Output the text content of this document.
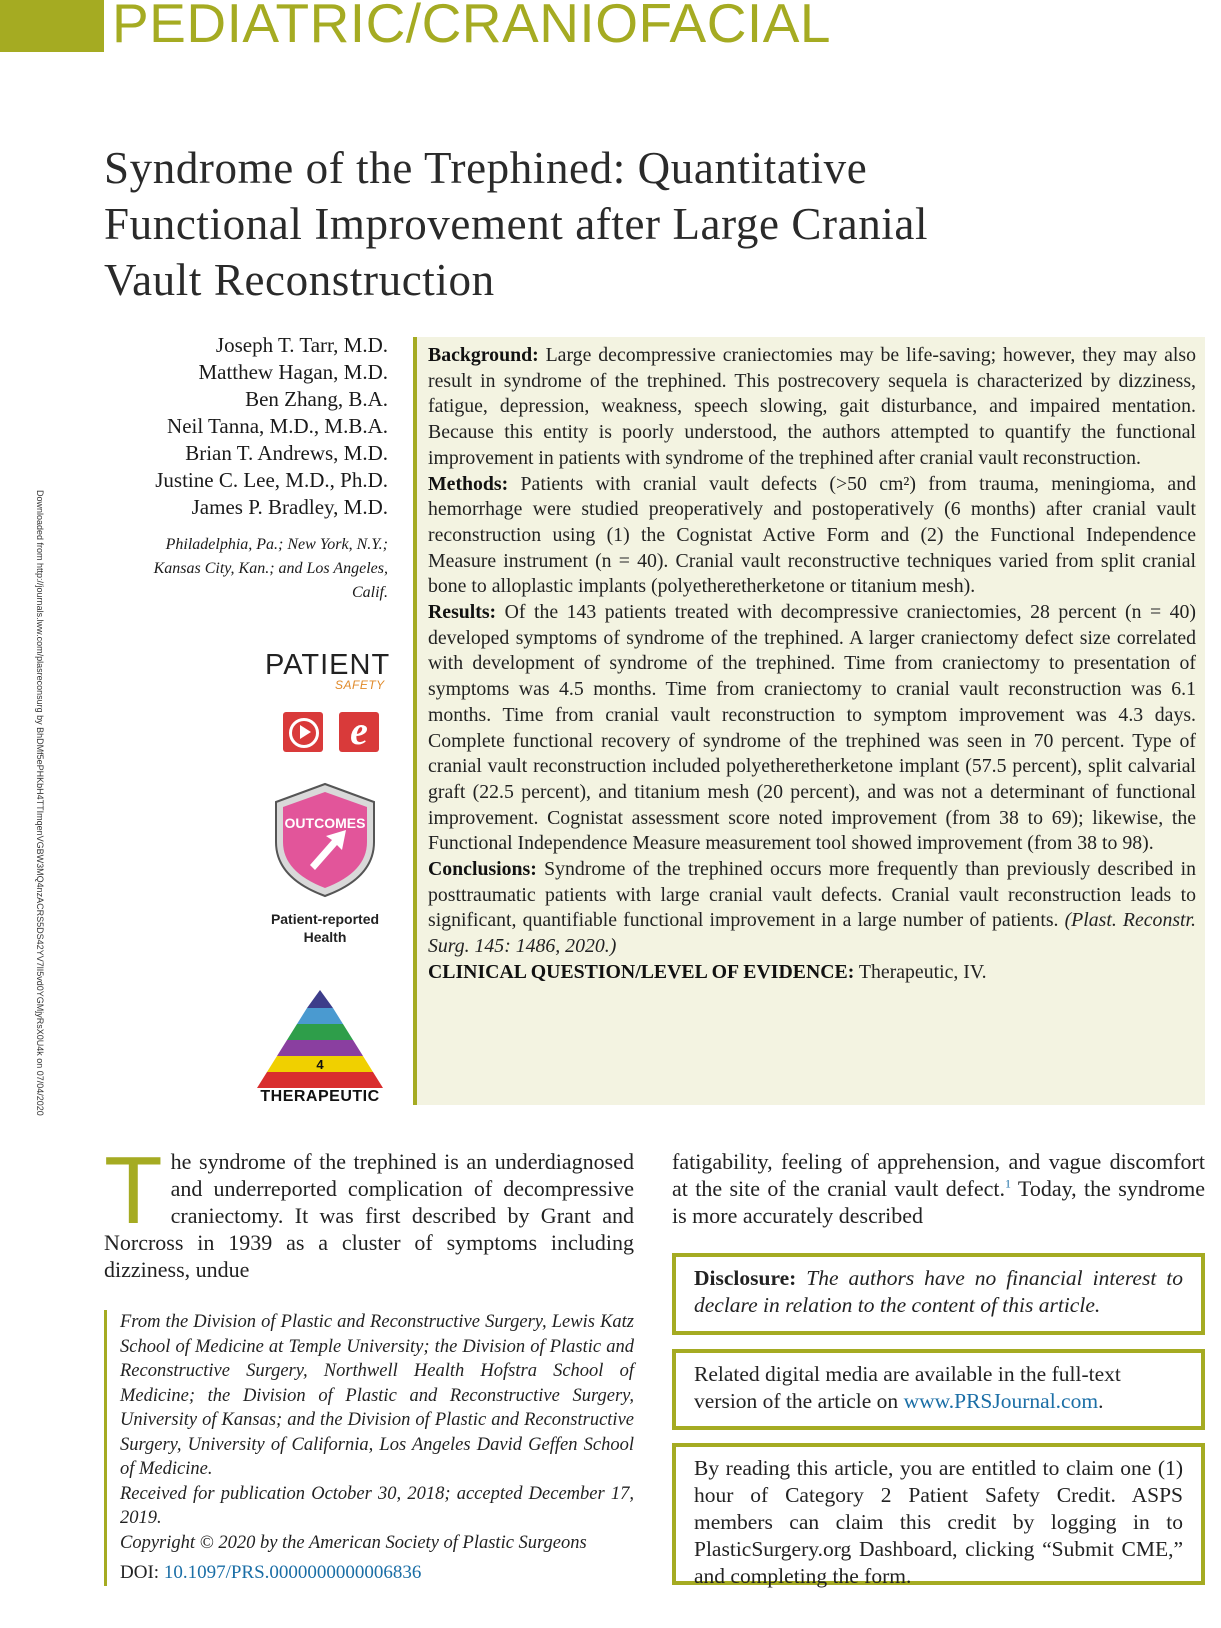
PEDIATRIC/CRANIOFACIAL
Syndrome of the Trephined: Quantitative
Functional Improvement after Large Cranial
Vault Reconstruction
Joseph T. Tarr, M.D.
Matthew Hagan, M.D.
Ben Zhang, B.A.
Neil Tanna, M.D., M.B.A.
Brian T. Andrews, M.D.
Justine C. Lee, M.D., Ph.D.
James P. Bradley, M.D.
Philadelphia, Pa.; New York, N.Y.;
Kansas City, Kan.; and Los Angeles,
Calif.
Downloaded from http://journals.lww.com/plasreconsurg by BhDMf5ePHKbH4TTImqenVGBW3MQ4nzACRS5DS42YV7lI5vd0YGMjyRsX0U4k on 07/04/2020	PATIENT
SAFETY
e
OUTCOMES
Patient-reported
Health
4
THERAPEUTIC

Background: Large decompressive craniectomies may be life-saving; however, they may also result in syndrome of the trephined. This postrecovery sequela is characterized by dizziness, fatigue, depression, weakness, speech slowing, gait disturbance, and impaired mentation. Because this entity is poorly understood, the authors attempted to quantify the functional improvement in patients with syndrome of the trephined after cranial vault reconstruction.

Methods: Patients with cranial vault defects (>50 cm²) from trauma, meningioma, and hemorrhage were studied preoperatively and postoperatively (6 months) after cranial vault reconstruction using (1) the Cognistat Active Form and (2) the Functional Independence Measure instrument (n = 40). Cranial vault reconstructive techniques varied from split cranial bone to alloplastic implants (polyetheretherketone or titanium mesh).

Results: Of the 143 patients treated with decompressive craniectomies, 28 percent (n = 40) developed symptoms of syndrome of the trephined. A larger craniectomy defect size correlated with development of syndrome of the trephined. Time from craniectomy to presentation of symptoms was 4.5 months. Time from craniectomy to cranial vault reconstruction was 6.1 months. Time from cranial vault reconstruction to symptom improvement was 4.3 days. Complete functional recovery of syndrome of the trephined was seen in 70 percent. Type of cranial vault reconstruction included polyetheretherketone implant (57.5 percent), split calvarial graft (22.5 percent), and titanium mesh (20 percent), and was not a determinant of functional improvement. Cognistat assessment score noted improvement (from 38 to 69); likewise, the Functional Independence Measure measurement tool showed improvement (from 38 to 98).

Conclusions: Syndrome of the trephined occurs more frequently than previously described in posttraumatic patients with large cranial vault defects. Cranial vault reconstruction leads to significant, quantifiable functional improvement in a large number of patients. (Plast. Reconstr. Surg. 145: 1486, 2020.)

CLINICAL QUESTION/LEVEL OF EVIDENCE: Therapeutic, IV.

The syndrome of the trephined is an underdiagnosed and underreported complication of decompressive craniectomy. It was first described by Grant and Norcross in 1939 as a cluster of symptoms including dizziness, undue

From the Division of Plastic and Reconstructive Surgery, Lewis Katz School of Medicine at Temple University; the Division of Plastic and Reconstructive Surgery, Northwell Health Hofstra School of Medicine; the Division of Plastic and Reconstructive Surgery, University of Kansas; and the Division of Plastic and Reconstructive Surgery, University of California, Los Angeles David Geffen School of Medicine.

Received for publication October 30, 2018; accepted December 17, 2019.

Copyright © 2020 by the American Society of Plastic Surgeons

DOI: 10.1097/PRS.0000000000006836

fatigability, feeling of apprehension, and vague discomfort at the site of the cranial vault defect.$^1$ Today, the syndrome is more accurately described

Disclosure: The authors have no financial interest to declare in relation to the content of this article.
Related digital media are available in the full-text version of the article on www.PRSJournal.com.
By reading this article, you are entitled to claim one (1) hour of Category 2 Patient Safety Credit. ASPS members can claim this credit by logging in to PlasticSurgery.org Dashboard, clicking “Submit CME,” and completing the form.
